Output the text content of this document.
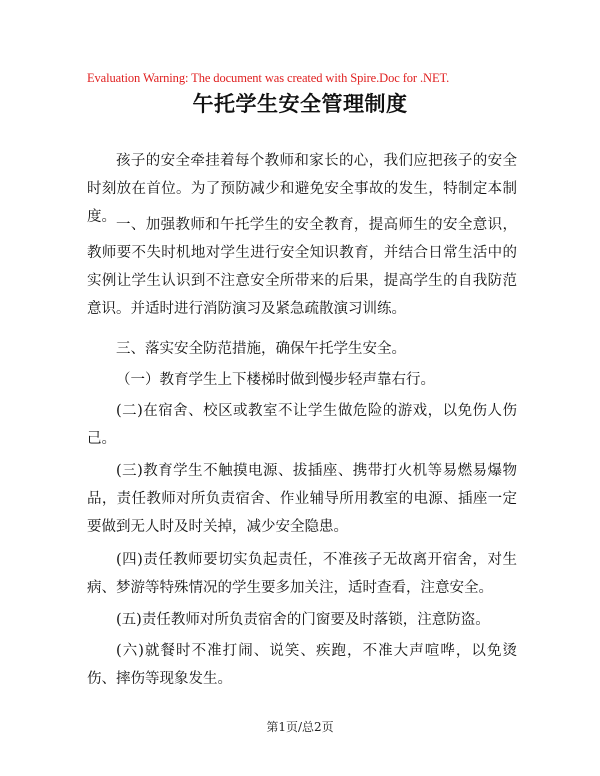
Evaluation Warning: The document was created with Spire.Doc for .NET.
午托学生安全管理制度

孩子的安全牵挂着每个教师和家长的心，我们应把孩子的安全时刻放在首位。为了预防减少和避免安全事故的发生，特制定本制度。 一、加强教师和午托学生的安全教育，提高师生的安全意识，教师要不失时机地对学生进行安全知识教育，并结合日常生活中的实例让学生认识到不注意安全所带来的后果，提高学生的自我防范意识。并适时进行消防演习及紧急疏散演习训练。

三、落实安全防范措施，确保午托学生安全。

（一）教育学生上下楼梯时做到慢步轻声靠右行。

(二)在宿舍、校区或教室不让学生做危险的游戏，以免伤人伤己。

(三)教育学生不触摸电源、拔插座、携带打火机等易燃易爆物品，责任教师对所负责宿舍、作业辅导所用教室的电源、插座一定要做到无人时及时关掉，减少安全隐患。

(四)责任教师要切实负起责任，不准孩子无故离开宿舍，对生病、梦游等特殊情况的学生要多加关注，适时查看，注意安全。

(五)责任教师对所负责宿舍的门窗要及时落锁，注意防盗。

(六)就餐时不准打闹、说笑、疾跑，不准大声喧哗，以免烫伤、摔伤等现象发生。

第1页/总2页
